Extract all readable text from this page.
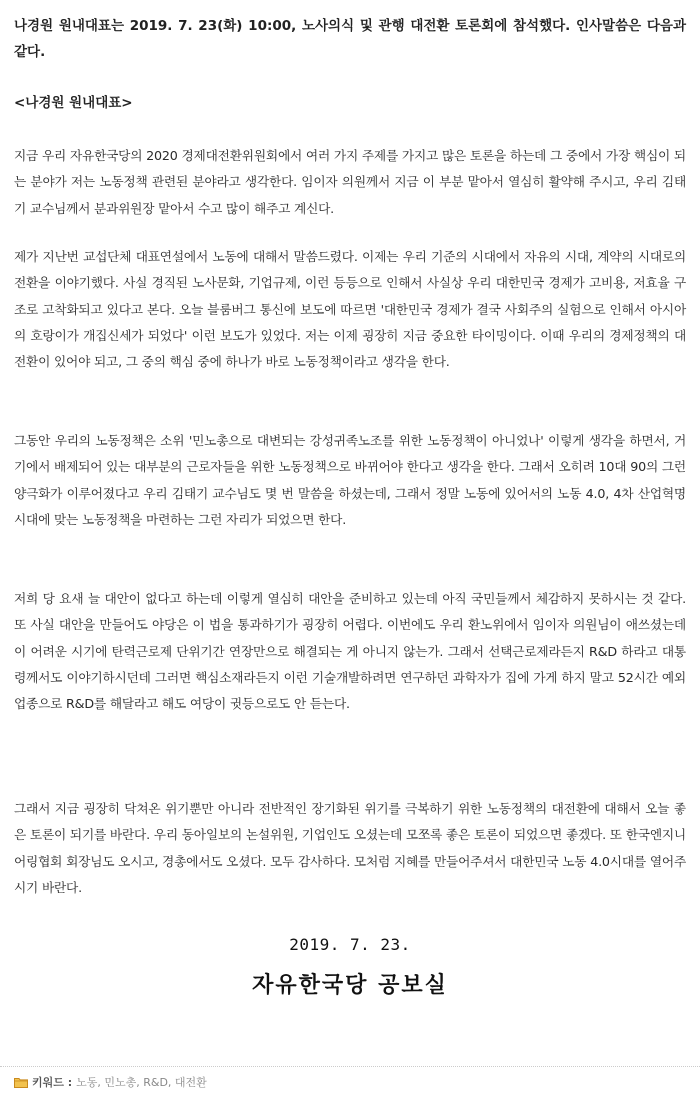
나경원 원내대표는 2019. 7. 23(화) 10:00, 노사의식 및 관행 대전환 토론회에 참석했다. 인사말씀은 다음과 같다.
<나경원 원내대표>
지금 우리 자유한국당의 2020 경제대전환위원회에서 여러 가지 주제를 가지고 많은 토론을 하는데 그 중에서 가장 핵심이 되는 분야가 저는 노동정책 관련된 분야라고 생각한다. 임이자 의원께서 지금 이 부분 맡아서 열심히 활약해 주시고, 우리 김태기 교수님께서 분과위원장 맡아서 수고 많이 해주고 계신다.
제가 지난번 교섭단체 대표연설에서 노동에 대해서 말씀드렸다. 이제는 우리 기준의 시대에서 자유의 시대, 계약의 시대로의 전환을 이야기했다. 사실 경직된 노사문화, 기업규제, 이런 등등으로 인해서 사실상 우리 대한민국 경제가 고비용, 저효율 구조로 고착화되고 있다고 본다. 오늘 블룸버그 통신에 보도에 따르면 '대한민국 경제가 결국 사회주의 실험으로 인해서 아시아의 호랑이가 개집신세가 되었다' 이런 보도가 있었다. 저는 이제 굉장히 지금 중요한 타이밍이다. 이때 우리의 경제정책의 대전환이 있어야 되고, 그 중의 핵심 중에 하나가 바로 노동정책이라고 생각을 한다.
그동안 우리의 노동정책은 소위 '민노총으로 대변되는 강성귀족노조를 위한 노동정책이 아니었나' 이렇게 생각을 하면서, 거기에서 배제되어 있는 대부분의 근로자들을 위한 노동정책으로 바뀌어야 한다고 생각을 한다. 그래서 오히려 10대 90의 그런 양극화가 이루어졌다고 우리 김태기 교수님도 몇 번 말씀을 하셨는데, 그래서 정말 노동에 있어서의 노동 4.0, 4차 산업혁명 시대에 맞는 노동정책을 마련하는 그런 자리가 되었으면 한다.
저희 당 요새 늘 대안이 없다고 하는데 이렇게 열심히 대안을 준비하고 있는데 아직 국민들께서 체감하지 못하시는 것 같다. 또 사실 대안을 만들어도 야당은 이 법을 통과하기가 굉장히 어렵다. 이번에도 우리 환노위에서 임이자 의원님이 애쓰셨는데 이 어려운 시기에 탄력근로제 단위기간 연장만으로 해결되는 게 아니지 않는가. 그래서 선택근로제라든지 R&D 하라고 대통령께서도 이야기하시던데 그러면 핵심소재라든지 이런 기술개발하려면 연구하던 과학자가 집에 가게 하지 말고 52시간 예외업종으로 R&D를 해달라고 해도 여당이 귓등으로도 안 듣는다.
그래서 지금 굉장히 닥쳐온 위기뿐만 아니라 전반적인 장기화된 위기를 극복하기 위한 노동정책의 대전환에 대해서 오늘 좋은 토론이 되기를 바란다. 우리 동아일보의 논설위원, 기업인도 오셨는데 모쪼록 좋은 토론이 되었으면 좋겠다. 또 한국엔지니어링협회 회장님도 오시고, 경총에서도 오셨다. 모두 감사하다. 모처럼 지혜를 만들어주셔서 대한민국 노동 4.0시대를 열어주시기 바란다.
2019. 7. 23.
자유한국당 공보실
키워드 : 노동, 민노총, R&D, 대전환
